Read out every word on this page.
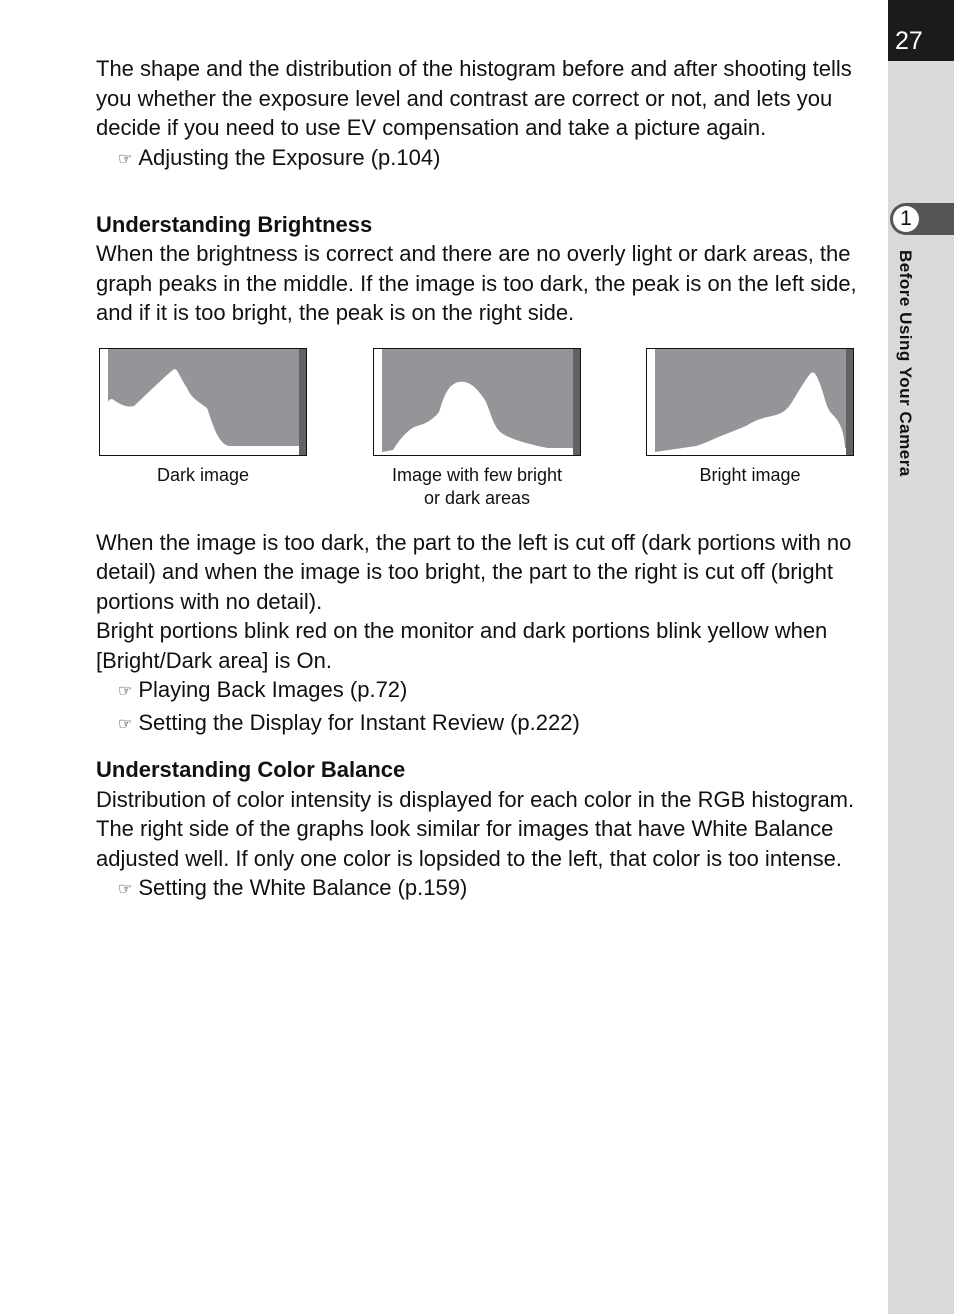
The shape and the distribution of the histogram before and after shooting tells you whether the exposure level and contrast are correct or not, and lets you decide if you need to use EV compensation and take a picture again.

☞ Adjusting the Exposure (p.104)
Understanding Brightness

When the brightness is correct and there are no overly light or dark areas, the graph peaks in the middle. If the image is too dark, the peak is on the left side, and if it is too bright, the peak is on the right side.

Dark image	Image with few bright
or dark areas
Bright image

When the image is too dark, the part to the left is cut off (dark portions with no detail) and when the image is too bright, the part to the right is cut off (bright portions with no detail).

Bright portions blink red on the monitor and dark portions blink yellow when [Bright/Dark area] is On.

☞ Playing Back Images (p.72)
☞ Setting the Display for Instant Review (p.222)
Understanding Color Balance

Distribution of color intensity is displayed for each color in the RGB histogram. The right side of the graphs look similar for images that have White Balance adjusted well. If only one color is lopsided to the left, that color is too intense.

☞ Setting the White Balance (p.159)
27
1
Before Using Your Camera
